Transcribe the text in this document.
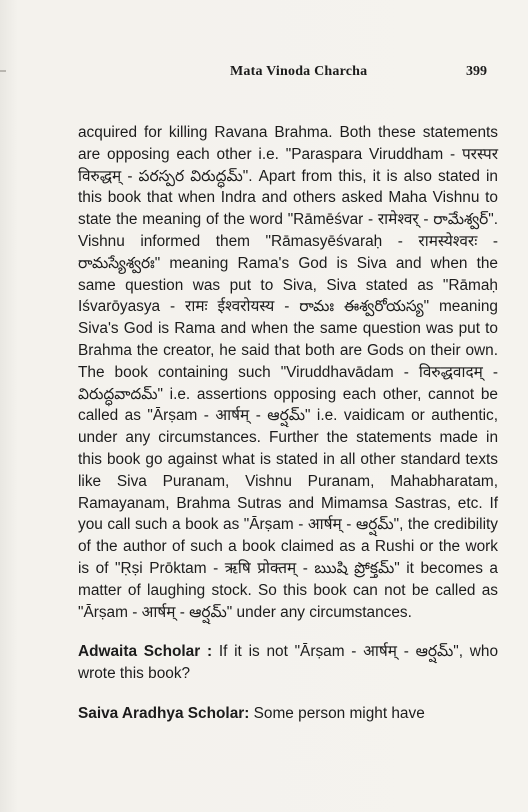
Mata Vinoda Charcha	399

acquired for killing Ravana Brahma. Both these statements are opposing each other i.e. "Paraspara Viruddham - परस्पर विरुद्धम् - పరస్పర విరుద్ధమ్". Apart from this, it is also stated in this book that when Indra and others asked Maha Vishnu to state the meaning of the word "Rāmēśvar - रामेश्वर् - రామేశ్వర్". Vishnu informed them "Rāmasyēśvaraḥ - रामस्येश्वरः - రామస్యేశ్వరః" meaning Rama's God is Siva and when the same question was put to Siva, Siva stated as "Rāmaḥ Iśvarōyasya - रामः ईश्वरोयस्य - రామః ఈశ్వరోయస్య" meaning Siva's God is Rama and when the same question was put to Brahma the creator, he said that both are Gods on their own. The book containing such "Viruddhavādam - विरुद्धवादम् - విరుద్ధవాదమ్" i.e. assertions opposing each other, cannot be called as "Ārṣam - आर्षम् - ఆర్షమ్" i.e. vaidicam or authentic, under any circumstances. Further the statements made in this book go against what is stated in all other standard texts like Siva Puranam, Vishnu Puranam, Mahabharatam, Ramayanam, Brahma Sutras and Mimamsa Sastras, etc. If you call such a book as "Ārṣam - आर्षम् - ఆర్షమ్", the credibility of the author of such a book claimed as a Rushi or the work is of "Ṛṣi Prōktam - ऋषि प्रोक्तम् - ఋషి ప్రోక్తమ్" it becomes a matter of laughing stock. So this book can not be called as "Ārṣam - आर्षम् - ఆర్షమ్" under any circumstances.

Adwaita Scholar : If it is not "Ārṣam - आर्षम् - ఆర్షమ్", who wrote this book?

Saiva Aradhya Scholar: Some person might have
